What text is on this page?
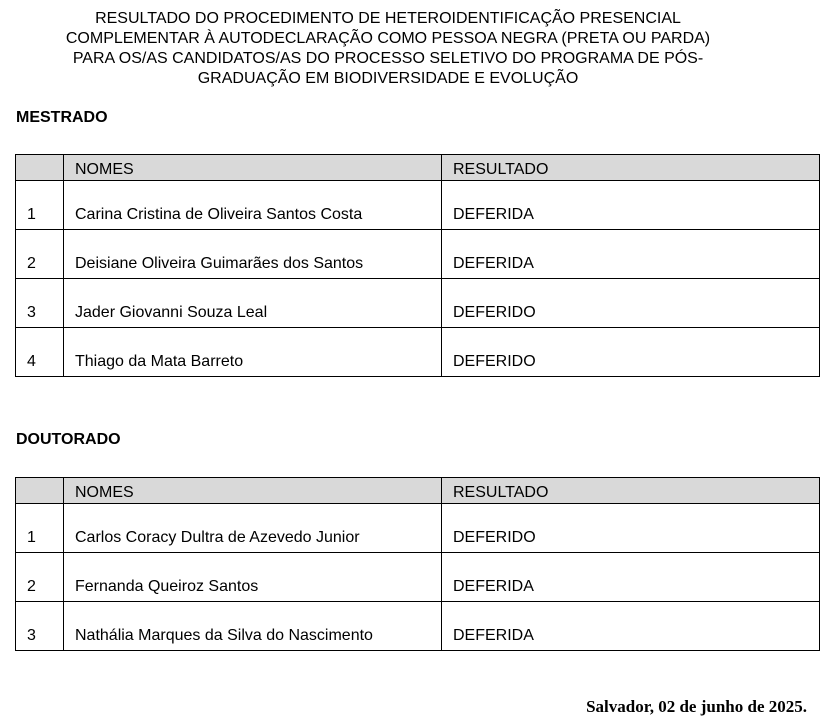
RESULTADO DO PROCEDIMENTO DE HETEROIDENTIFICAÇÃO PRESENCIAL
COMPLEMENTAR À AUTODECLARAÇÃO COMO PESSOA NEGRA (PRETA OU PARDA)
PARA OS/AS CANDIDATOS/AS DO PROCESSO SELETIVO DO PROGRAMA DE PÓS-
GRADUAÇÃO EM BIODIVERSIDADE E EVOLUÇÃO
MESTRADO

	NOMES	RESULTADO

1	Carina Cristina de Oliveira Santos Costa	DEFERIDA

2	Deisiane Oliveira Guimarães dos Santos	DEFERIDA

3	Jader Giovanni Souza Leal	DEFERIDO

4	Thiago da Mata Barreto	DEFERIDO
DOUTORADO

	NOMES	RESULTADO

1	Carlos Coracy Dultra de Azevedo Junior	DEFERIDO

2	Fernanda Queiroz Santos	DEFERIDA

3	Nathália Marques da Silva do Nascimento	DEFERIDA
Salvador, 02 de junho de 2025.
